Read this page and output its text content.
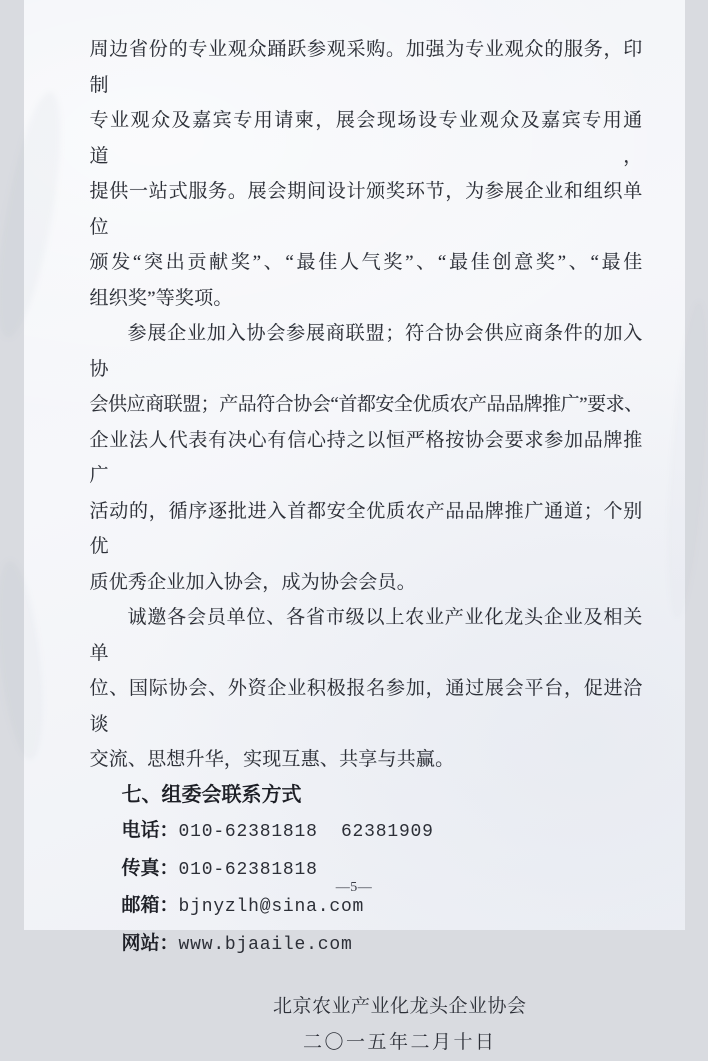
周边省份的专业观众踊跃参观采购。加强为专业观众的服务，印制
专业观众及嘉宾专用请柬，展会现场设专业观众及嘉宾专用通道，
提供一站式服务。展会期间设计颁奖环节，为参展企业和组织单位
颁发“突出贡献奖”、“最佳人气奖”、“最佳创意奖”、“最佳
组织奖”等奖项。
参展企业加入协会参展商联盟；符合协会供应商条件的加入协
会供应商联盟；产品符合协会“首都安全优质农产品品牌推广”要求、
企业法人代表有决心有信心持之以恒严格按协会要求参加品牌推广
活动的，循序逐批进入首都安全优质农产品品牌推广通道；个别优
质优秀企业加入协会，成为协会会员。
诚邀各会员单位、各省市级以上农业产业化龙头企业及相关单
位、国际协会、外资企业积极报名参加，通过展会平台，促进洽谈
交流、思想升华，实现互惠、共享与共赢。
七、组委会联系方式
电话：010-62381818  62381909
传真：010-62381818
邮箱：bjnyzlh@sina.com
网站：www.bjaaile.com
北京农业产业化龙头企业协会
二〇一五年二月十日
—5—
